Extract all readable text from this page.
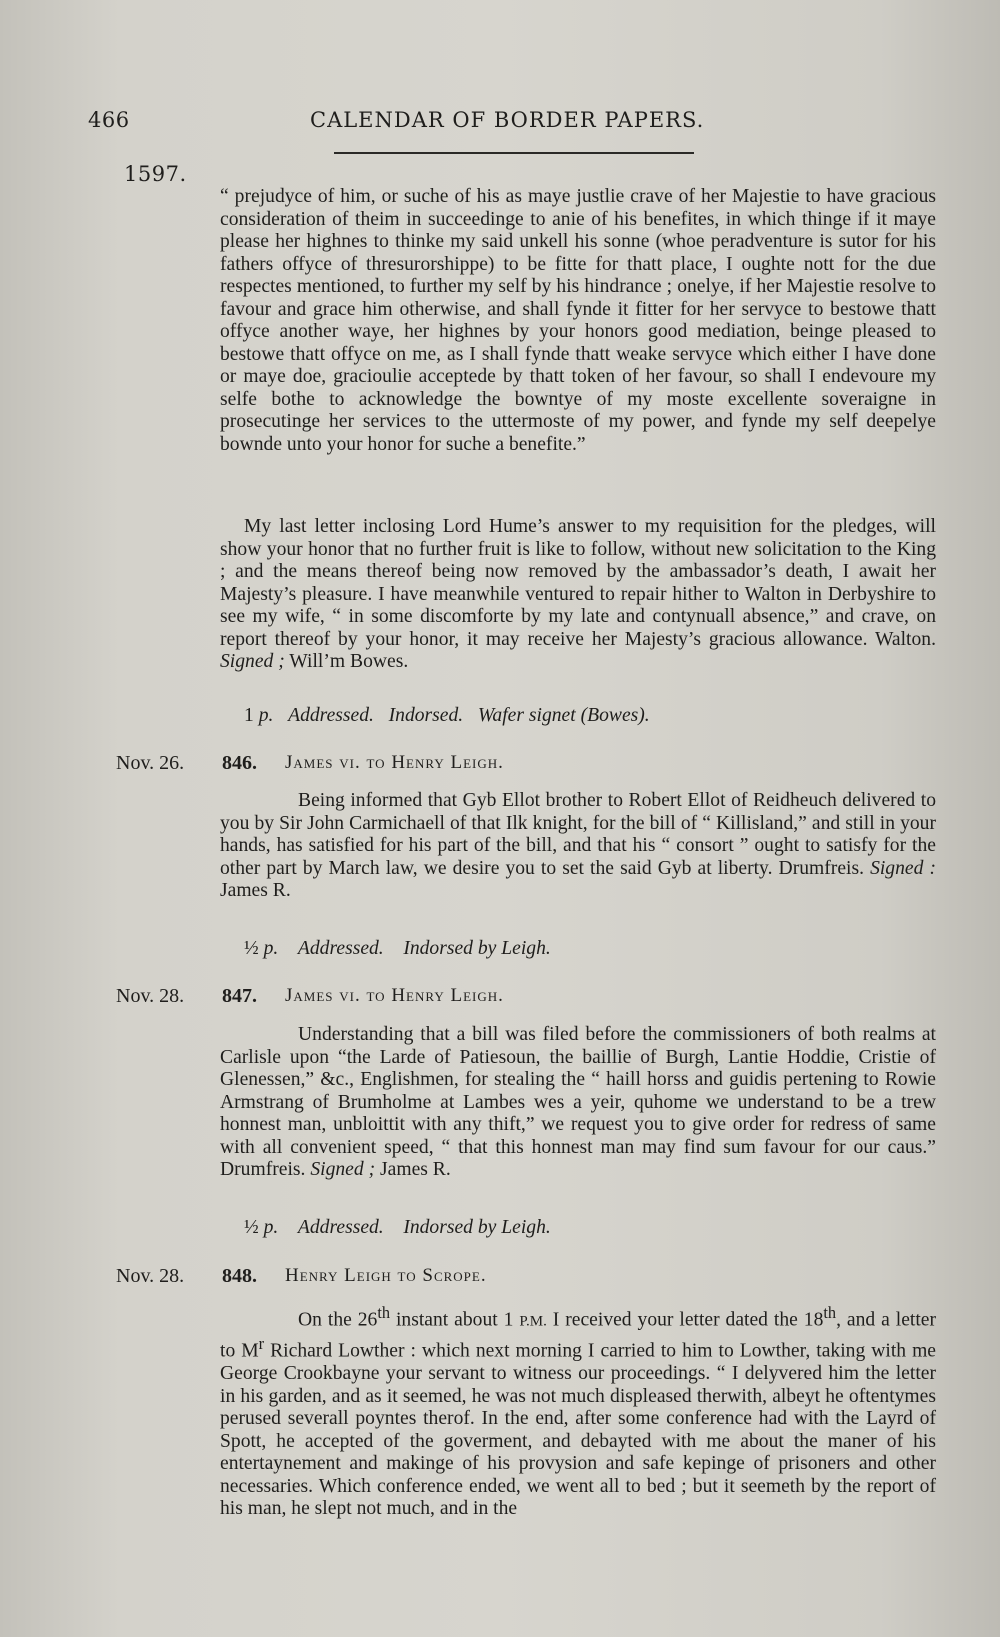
466	CALENDAR OF BORDER PAPERS.
1597.

“ prejudyce of him, or suche of his as maye justlie crave of her Majestie to have gracious consideration of theim in succeedinge to anie of his benefites, in which thinge if it maye please her highnes to thinke my said unkell his sonne (whoe peradventure is sutor for his fathers offyce of thresurorshippe) to be fitte for thatt place, I oughte nott for the due respectes mentioned, to further my self by his hindrance ; onelye, if her Majestie resolve to favour and grace him otherwise, and shall fynde it fitter for her servyce to bestowe thatt offyce another waye, her highnes by your honors good mediation, beinge pleased to bestowe thatt offyce on me, as I shall fynde thatt weake servyce which either I have done or maye doe, gracioulie acceptede by thatt token of her favour, so shall I endevoure my selfe bothe to acknowledge the bowntye of my moste excellente soveraigne in prosecutinge her services to the uttermoste of my power, and fynde my self deepelye bownde unto your honor for suche a benefite.”

My last letter inclosing Lord Hume’s answer to my requisition for the pledges, will show your honor that no further fruit is like to follow, without new solicitation to the King ; and the means thereof being now removed by the ambassador’s death, I await her Majesty’s pleasure. I have meanwhile ventured to repair hither to Walton in Derbyshire to see my wife, “ in some discomforte by my late and contynuall absence,” and crave, on report thereof by your honor, it may receive her Majesty’s gracious allowance. Walton. Signed ; Will’m Bowes.

1 p. Addressed. Indorsed. Wafer signet (Bowes).

Nov. 26. 846. James vi. to Henry Leigh.

Being informed that Gyb Ellot brother to Robert Ellot of Reidheuch delivered to you by Sir John Carmichaell of that Ilk knight, for the bill of “ Killisland,” and still in your hands, has satisfied for his part of the bill, and that his “ consort ” ought to satisfy for the other part by March law, we desire you to set the said Gyb at liberty. Drumfreis. Signed : James R.

½ p. Addressed. Indorsed by Leigh.

Nov. 28. 847. James vi. to Henry Leigh.

Understanding that a bill was filed before the commissioners of both realms at Carlisle upon “the Larde of Patiesoun, the baillie of Burgh, Lantie Hoddie, Cristie of Glenessen,” &c., Englishmen, for stealing the “ haill horss and guidis pertening to Rowie Armstrang of Brumholme at Lambes wes a yeir, quhome we understand to be a trew honnest man, unbloittit with any thift,” we request you to give order for redress of same with all convenient speed, “ that this honnest man may find sum favour for our caus.” Drumfreis. Signed ; James R.

½ p. Addressed. Indorsed by Leigh.

Nov. 28. 848. Henry Leigh to Scrope.

On the 26th instant about 1 P.M. I received your letter dated the 18th, and a letter to $M^r$ Richard Lowther : which next morning I carried to him to Lowther, taking with me George Crookbayne your servant to witness our proceedings. “ I delyvered him the letter in his garden, and as it seemed, he was not much displeased therwith, albeyt he oftentymes perused severall poyntes therof. In the end, after some conference had with the Layrd of Spott, he accepted of the goverment, and debayted with me about the maner of his entertaynement and makinge of his provysion and safe kepinge of prisoners and other necessaries. Which conference ended, we went all to bed ; but it seemeth by the report of his man, he slept not much, and in the
